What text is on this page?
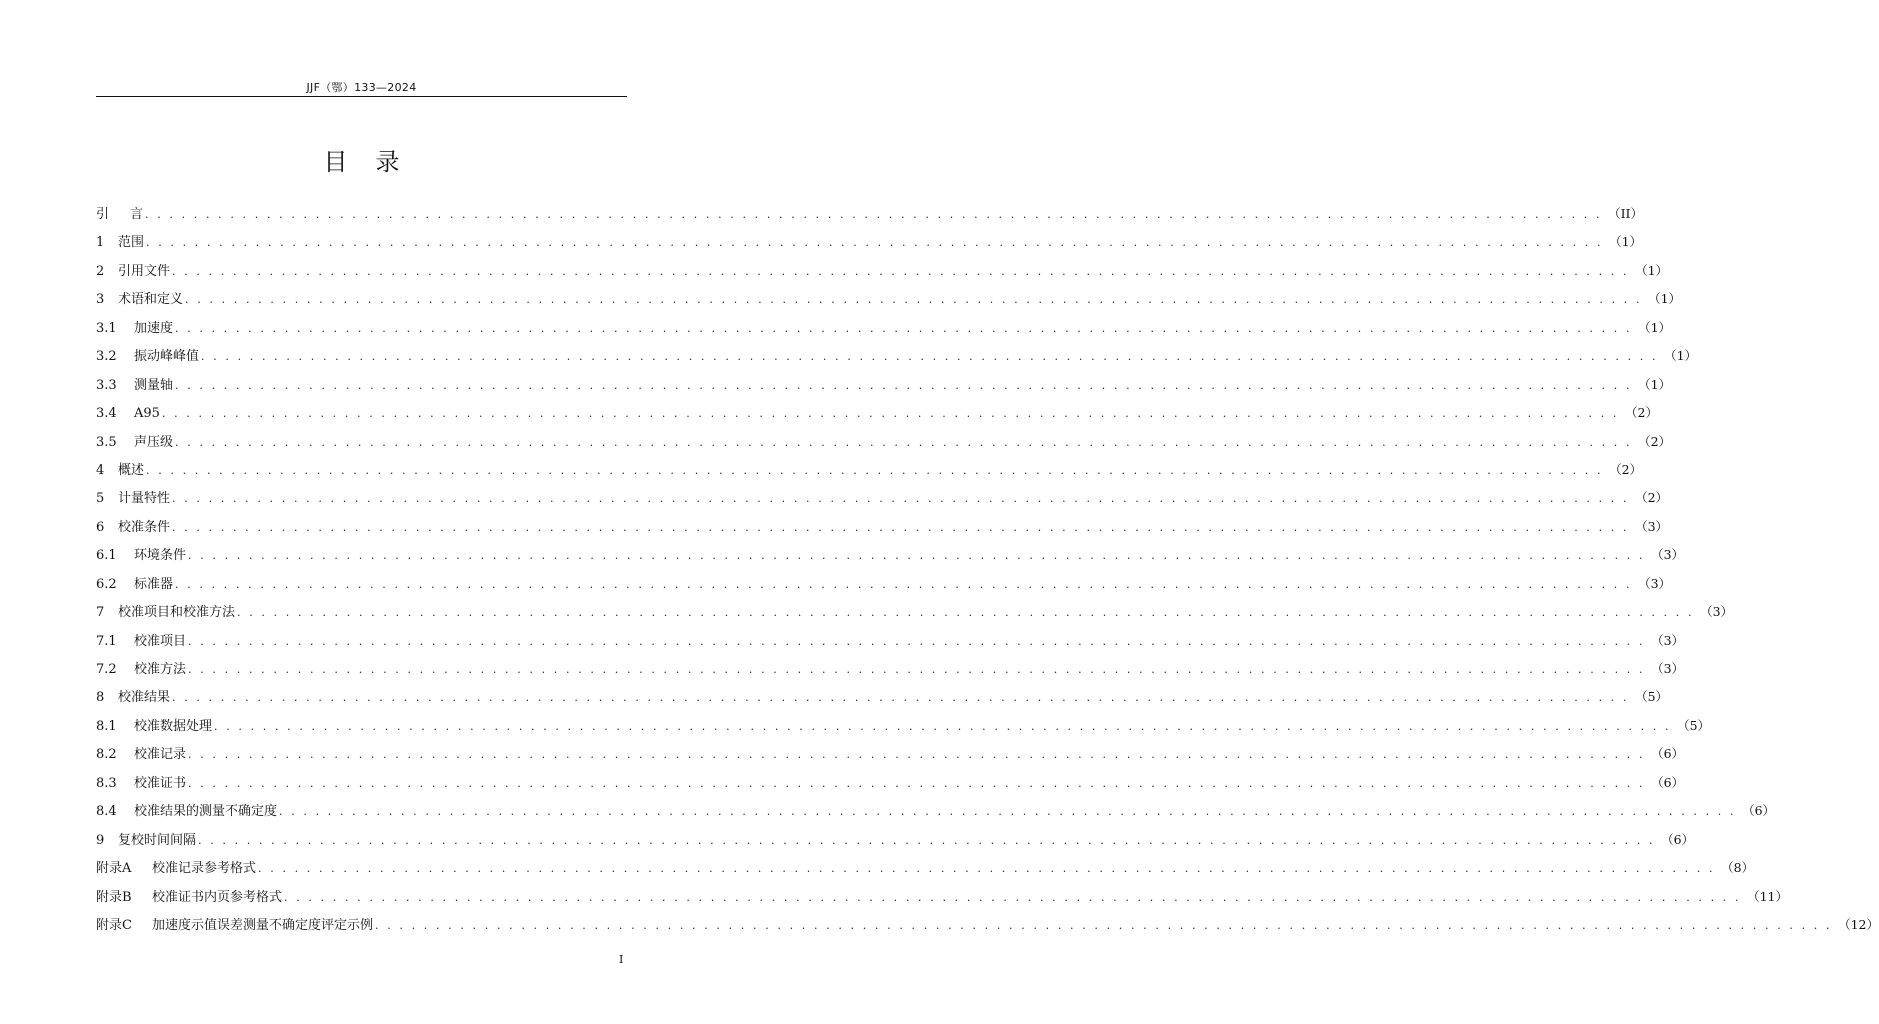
JJF（鄂）133—2024
目录
引 言 . . . . . . . . . . . . . . . . . . . . . . . . . . . . . . . . . . . . . . . . . . . . . . . . . . . . . . . . . . . . . . . . . . . . . . . . . . . . . . . . . . . . . . . . . . . . . . . . . . . . . . . . . . . . . . . . . . . . . . . . （II）
1 范围 . . . . . . . . . . . . . . . . . . . . . . . . . . . . . . . . . . . . . . . . . . . . . . . . . . . . . . . . . . . . . . . . . . . . . . . . . . . . . . . . . . . . . . . . . . . . . . . . . . . . . . . . . . . . . . . . . . . . . . . . （1）
2 引用文件 . . . . . . . . . . . . . . . . . . . . . . . . . . . . . . . . . . . . . . . . . . . . . . . . . . . . . . . . . . . . . . . . . . . . . . . . . . . . . . . . . . . . . . . . . . . . . . . . . . . . . . . . . . . . . . . . . . . . . . . . （1）
3 术语和定义 . . . . . . . . . . . . . . . . . . . . . . . . . . . . . . . . . . . . . . . . . . . . . . . . . . . . . . . . . . . . . . . . . . . . . . . . . . . . . . . . . . . . . . . . . . . . . . . . . . . . . . . . . . . . . . . . . . . . . . . . （1）
3.1 加速度 . . . . . . . . . . . . . . . . . . . . . . . . . . . . . . . . . . . . . . . . . . . . . . . . . . . . . . . . . . . . . . . . . . . . . . . . . . . . . . . . . . . . . . . . . . . . . . . . . . . . . . . . . . . . . . . . . . . . . . . . （1）
3.2 振动峰峰值 . . . . . . . . . . . . . . . . . . . . . . . . . . . . . . . . . . . . . . . . . . . . . . . . . . . . . . . . . . . . . . . . . . . . . . . . . . . . . . . . . . . . . . . . . . . . . . . . . . . . . . . . . . . . . . . . . . . . . . . . （1）
3.3 测量轴 . . . . . . . . . . . . . . . . . . . . . . . . . . . . . . . . . . . . . . . . . . . . . . . . . . . . . . . . . . . . . . . . . . . . . . . . . . . . . . . . . . . . . . . . . . . . . . . . . . . . . . . . . . . . . . . . . . . . . . . . （1）
3.4 A95 . . . . . . . . . . . . . . . . . . . . . . . . . . . . . . . . . . . . . . . . . . . . . . . . . . . . . . . . . . . . . . . . . . . . . . . . . . . . . . . . . . . . . . . . . . . . . . . . . . . . . . . . . . . . . . . . . . . . . . . . （2）
3.5 声压级 . . . . . . . . . . . . . . . . . . . . . . . . . . . . . . . . . . . . . . . . . . . . . . . . . . . . . . . . . . . . . . . . . . . . . . . . . . . . . . . . . . . . . . . . . . . . . . . . . . . . . . . . . . . . . . . . . . . . . . . . （2）
4 概述 . . . . . . . . . . . . . . . . . . . . . . . . . . . . . . . . . . . . . . . . . . . . . . . . . . . . . . . . . . . . . . . . . . . . . . . . . . . . . . . . . . . . . . . . . . . . . . . . . . . . . . . . . . . . . . . . . . . . . . . . （2）
5 计量特性 . . . . . . . . . . . . . . . . . . . . . . . . . . . . . . . . . . . . . . . . . . . . . . . . . . . . . . . . . . . . . . . . . . . . . . . . . . . . . . . . . . . . . . . . . . . . . . . . . . . . . . . . . . . . . . . . . . . . . . . . （2）
6 校准条件 . . . . . . . . . . . . . . . . . . . . . . . . . . . . . . . . . . . . . . . . . . . . . . . . . . . . . . . . . . . . . . . . . . . . . . . . . . . . . . . . . . . . . . . . . . . . . . . . . . . . . . . . . . . . . . . . . . . . . . . . （3）
6.1 环境条件 . . . . . . . . . . . . . . . . . . . . . . . . . . . . . . . . . . . . . . . . . . . . . . . . . . . . . . . . . . . . . . . . . . . . . . . . . . . . . . . . . . . . . . . . . . . . . . . . . . . . . . . . . . . . . . . . . . . . . . . . （3）
6.2 标准器 . . . . . . . . . . . . . . . . . . . . . . . . . . . . . . . . . . . . . . . . . . . . . . . . . . . . . . . . . . . . . . . . . . . . . . . . . . . . . . . . . . . . . . . . . . . . . . . . . . . . . . . . . . . . . . . . . . . . . . . . （3）
7 校准项目和校准方法 . . . . . . . . . . . . . . . . . . . . . . . . . . . . . . . . . . . . . . . . . . . . . . . . . . . . . . . . . . . . . . . . . . . . . . . . . . . . . . . . . . . . . . . . . . . . . . . . . . . . . . . . . . . . . . . . . . . . . . . . （3）
7.1 校准项目 . . . . . . . . . . . . . . . . . . . . . . . . . . . . . . . . . . . . . . . . . . . . . . . . . . . . . . . . . . . . . . . . . . . . . . . . . . . . . . . . . . . . . . . . . . . . . . . . . . . . . . . . . . . . . . . . . . . . . . . . （3）
7.2 校准方法 . . . . . . . . . . . . . . . . . . . . . . . . . . . . . . . . . . . . . . . . . . . . . . . . . . . . . . . . . . . . . . . . . . . . . . . . . . . . . . . . . . . . . . . . . . . . . . . . . . . . . . . . . . . . . . . . . . . . . . . . （3）
8 校准结果 . . . . . . . . . . . . . . . . . . . . . . . . . . . . . . . . . . . . . . . . . . . . . . . . . . . . . . . . . . . . . . . . . . . . . . . . . . . . . . . . . . . . . . . . . . . . . . . . . . . . . . . . . . . . . . . . . . . . . . . . （5）
8.1 校准数据处理 . . . . . . . . . . . . . . . . . . . . . . . . . . . . . . . . . . . . . . . . . . . . . . . . . . . . . . . . . . . . . . . . . . . . . . . . . . . . . . . . . . . . . . . . . . . . . . . . . . . . . . . . . . . . . . . . . . . . . . . . （5）
8.2 校准记录 . . . . . . . . . . . . . . . . . . . . . . . . . . . . . . . . . . . . . . . . . . . . . . . . . . . . . . . . . . . . . . . . . . . . . . . . . . . . . . . . . . . . . . . . . . . . . . . . . . . . . . . . . . . . . . . . . . . . . . . . （6）
8.3 校准证书 . . . . . . . . . . . . . . . . . . . . . . . . . . . . . . . . . . . . . . . . . . . . . . . . . . . . . . . . . . . . . . . . . . . . . . . . . . . . . . . . . . . . . . . . . . . . . . . . . . . . . . . . . . . . . . . . . . . . . . . . （6）
8.4 校准结果的测量不确定度 . . . . . . . . . . . . . . . . . . . . . . . . . . . . . . . . . . . . . . . . . . . . . . . . . . . . . . . . . . . . . . . . . . . . . . . . . . . . . . . . . . . . . . . . . . . . . . . . . . . . . . . . . . . . . . . . . . . . . . . . （6）
9 复校时间间隔 . . . . . . . . . . . . . . . . . . . . . . . . . . . . . . . . . . . . . . . . . . . . . . . . . . . . . . . . . . . . . . . . . . . . . . . . . . . . . . . . . . . . . . . . . . . . . . . . . . . . . . . . . . . . . . . . . . . . . . . . （6）
附录A 校准记录参考格式 . . . . . . . . . . . . . . . . . . . . . . . . . . . . . . . . . . . . . . . . . . . . . . . . . . . . . . . . . . . . . . . . . . . . . . . . . . . . . . . . . . . . . . . . . . . . . . . . . . . . . . . . . . . . . . . . . . . . . . . . （8）
附录B 校准证书内页参考格式 . . . . . . . . . . . . . . . . . . . . . . . . . . . . . . . . . . . . . . . . . . . . . . . . . . . . . . . . . . . . . . . . . . . . . . . . . . . . . . . . . . . . . . . . . . . . . . . . . . . . . . . . . . . . . . . . . . . . . . . . （11）
附录C 加速度示值误差测量不确定度评定示例 . . . . . . . . . . . . . . . . . . . . . . . . . . . . . . . . . . . . . . . . . . . . . . . . . . . . . . . . . . . . . . . . . . . . . . . . . . . . . . . . . . . . . . . . . . . . . . . . . . . . . . . . . . . . . . . . . . . . . . . . （12）
I
